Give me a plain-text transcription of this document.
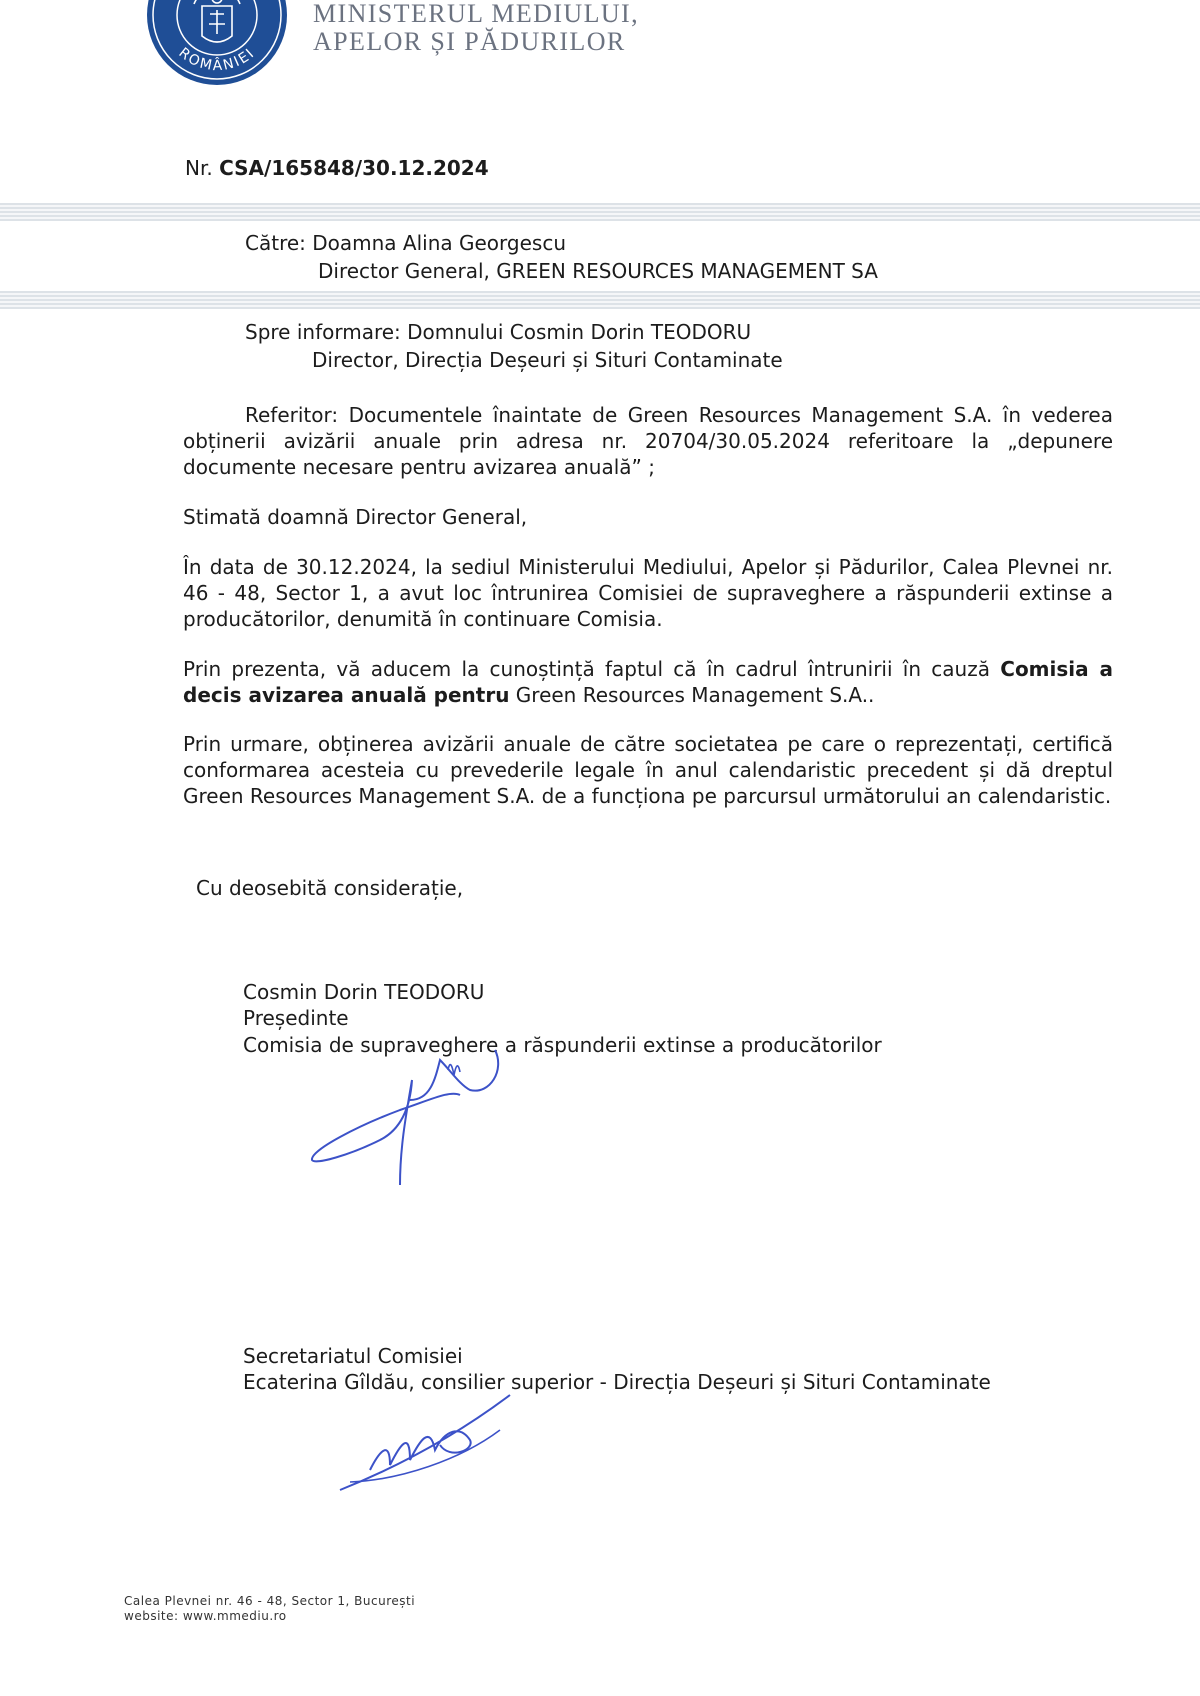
ROMÂNIEI
MINISTERUL MEDIULUI,
APELOR ȘI PĂDURILOR
Nr. CSA/165848/30.12.2024
Către: Doamna Alina Georgescu
Director General, GREEN RESOURCES MANAGEMENT SA
Spre informare: Domnului Cosmin Dorin TEODORU
Director, Direcția Deșeuri și Situri Contaminate
Referitor: Documentele înaintate de Green Resources Management S.A. în vederea obținerii avizării anuale prin adresa nr. 20704/30.05.2024 referitoare la „depunere documente necesare pentru avizarea anuală” ;
Stimată doamnă Director General,
În data de 30.12.2024, la sediul Ministerului Mediului, Apelor și Pădurilor, Calea Plevnei nr. 46 - 48, Sector 1, a avut loc întrunirea Comisiei de supraveghere a răspunderii extinse a producătorilor, denumită în continuare Comisia.
Prin prezenta, vă aducem la cunoștință faptul că în cadrul întrunirii în cauză Comisia a decis avizarea anuală pentru Green Resources Management S.A..
Prin urmare, obținerea avizării anuale de către societatea pe care o reprezentați, certifică conformarea acesteia cu prevederile legale în anul calendaristic precedent și dă dreptul Green Resources Management S.A. de a funcționa pe parcursul următorului an calendaristic.
Cu deosebită considerație,
Cosmin Dorin TEODORU
Președinte
Comisia de supraveghere a răspunderii extinse a producătorilor
Secretariatul Comisiei
Ecaterina Gîldău, consilier superior - Direcția Deșeuri și Situri Contaminate
Calea Plevnei nr. 46 - 48, Sector 1, București
website: www.mmediu.ro
